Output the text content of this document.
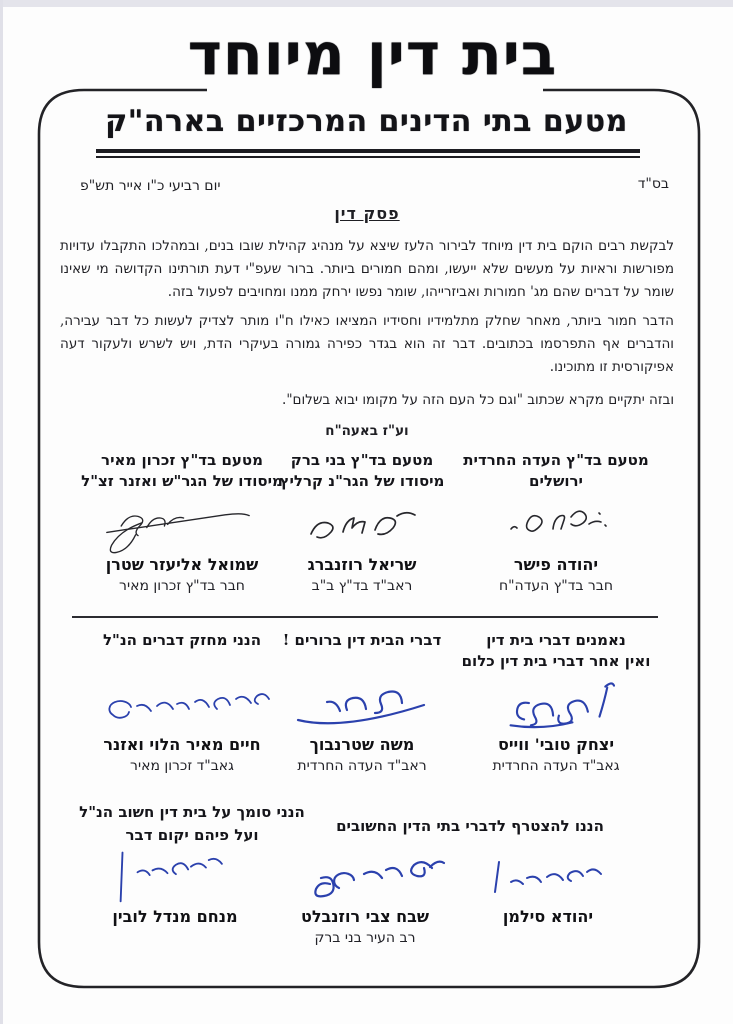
בית דין מיוחד
מטעם בתי הדינים המרכזיים בארה"ק
בס"ד
יום רביעי כ"ו אייר תש"פ
פסק דין

לבקשת רבים הוקם בית דין מיוחד לבירור הלעז שיצא על מנהיג קהילת שובו בנים, ובמהלכו התקבלו עדויות מפורשות וראיות על מעשים שלא ייעשו, ומהם חמורים ביותר. ברור שעפ"י דעת תורתינו הקדושה מי שאינו שומר על דברים שהם מג' חמורות ואביזרייהו, שומר נפשו ירחק ממנו ומחויבים לפעול בזה.

הדבר חמור ביותר, מאחר שחלק מתלמידיו וחסידיו המציאו כאילו ח"ו מותר לצדיק לעשות כל דבר עבירה, והדברים אף התפרסמו בכתובים. דבר זה הוא בגדר כפירה גמורה בעיקרי הדת, ויש לשרש ולעקור דעה אפיקורסית זו מתוכינו.

ובזה יתקיים מקרא שכתוב "וגם כל העם הזה על מקומו יבוא בשלום".

וע"ז באעה"ח
מטעם בד"ץ העדה החרדית
ירושלים
יהודה פישר
חבר בד"ץ העדה"ח
מטעם בד"ץ בני ברק
מיסודו של הגר"נ קרליץ
שריאל רוזנברג
ראב"ד בד"ץ ב"ב
מטעם בד"ץ זכרון מאיר
מיסודו של הגר"ש ואזנר זצ"ל
שמואל אליעזר שטרן
חבר בד"ץ זכרון מאיר
נאמנים דברי בית דין
ואין אחר דברי בית דין כלום
יצחק טובי' ווייס
גאב"ד העדה החרדית
דברי הבית דין ברורים !
משה שטרנבוך
ראב"ד העדה החרדית
הנני מחזק דברים הנ"ל
חיים מאיר הלוי ואזנר
גאב"ד זכרון מאיר
הנני סומך על בית דין חשוב הנ"ל
ועל פיהם יקום דבר	הננו להצטרף לדברי בתי הדין החשובים
יהודא סילמן
שבח צבי רוזנבלט
רב העיר בני ברק
מנחם מנדל לובין
